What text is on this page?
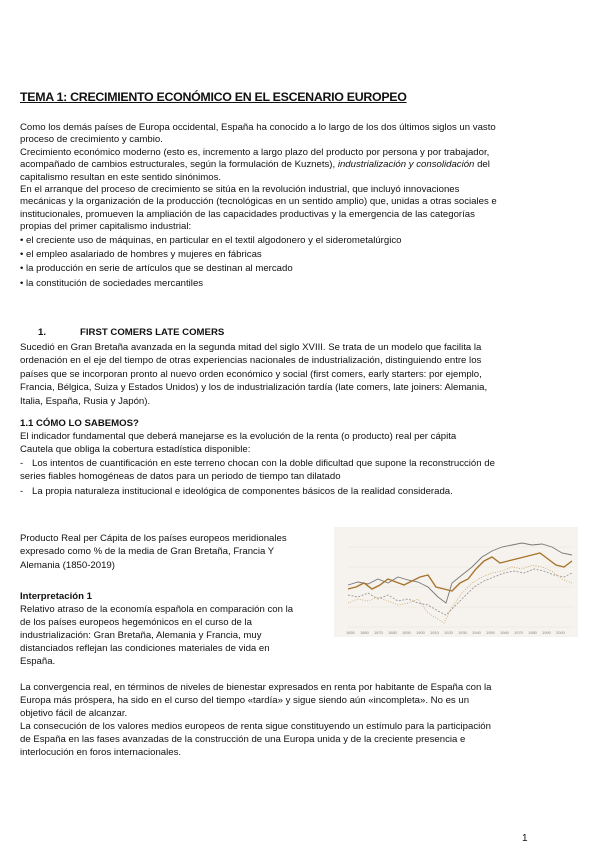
TEMA 1: CRECIMIENTO ECONÓMICO EN EL ESCENARIO EUROPEO

Como los demás países de Europa occidental, España ha conocido a lo largo de los dos últimos siglos un vasto

proceso de crecimiento y cambio.

Crecimiento económico moderno (esto es, incremento a largo plazo del producto por persona y por trabajador,

acompañado de cambios estructurales, según la formulación de Kuznets), industrialización y consolidación del

capitalismo resultan en este sentido sinónimos.

En el arranque del proceso de crecimiento se sitúa en la revolución industrial, que incluyó innovaciones

mecánicas y la organización de la producción (tecnológicas en un sentido amplio) que, unidas a otras sociales e

institucionales, promueven la ampliación de las capacidades productivas y la emergencia de las categorías

propias del primer capitalismo industrial:

• el creciente uso de máquinas, en particular en el textil algodonero y el siderometalúrgico

• el empleo asalariado de hombres y mujeres en fábricas

• la producción en serie de artículos que se destinan al mercado

• la constitución de sociedades mercantiles

1.	FIRST COMERS LATE COMERS

Sucedió en Gran Bretaña avanzada en la segunda mitad del siglo XVIII. Se trata de un modelo que facilita la

ordenación en el eje del tiempo de otras experiencias nacionales de industrialización, distinguiendo entre los

países que se incorporan pronto al nuevo orden económico y social (first comers, early starters: por ejemplo,

Francia, Bélgica, Suiza y Estados Unidos) y los de industrialización tardía (late comers, late joiners: Alemania,

Italia, España, Rusia y Japón).

1.1 CÓMO LO SABEMOS?

El indicador fundamental que deberá manejarse es la evolución de la renta (o producto) real per cápita

Cautela que obliga la cobertura estadística disponible:

- Los intentos de cuantificación en este terreno chocan con la doble dificultad que supone la reconstrucción de

series fiables homogéneas de datos para un periodo de tiempo tan dilatado

- La propia naturaleza institucional e ideológica de componentes básicos de la realidad considerada.

Producto Real per Cápita de los países europeos meridionales

expresado como % de la media de Gran Bretaña, Francia Y

Alemania (1850-2019)

1850 1860 1870 1880 1890 1900 1910 1920 1930 1940 1950 1960 1970 1980 1990 2000

Interpretación 1

Relativo atraso de la economía española en comparación con la

de los países europeos hegemónicos en el curso de la

industrialización: Gran Bretaña, Alemania y Francia, muy

distanciados reflejan las condiciones materiales de vida en

España.

La convergencia real, en términos de niveles de bienestar expresados en renta por habitante de España con la

Europa más próspera, ha sido en el curso del tiempo «tardía» y sigue siendo aún «incompleta». No es un

objetivo fácil de alcanzar.

La consecución de los valores medios europeos de renta sigue constituyendo un estímulo para la participación

de España en las fases avanzadas de la construcción de una Europa unida y de la creciente presencia e

interlocución en foros internacionales.

1
